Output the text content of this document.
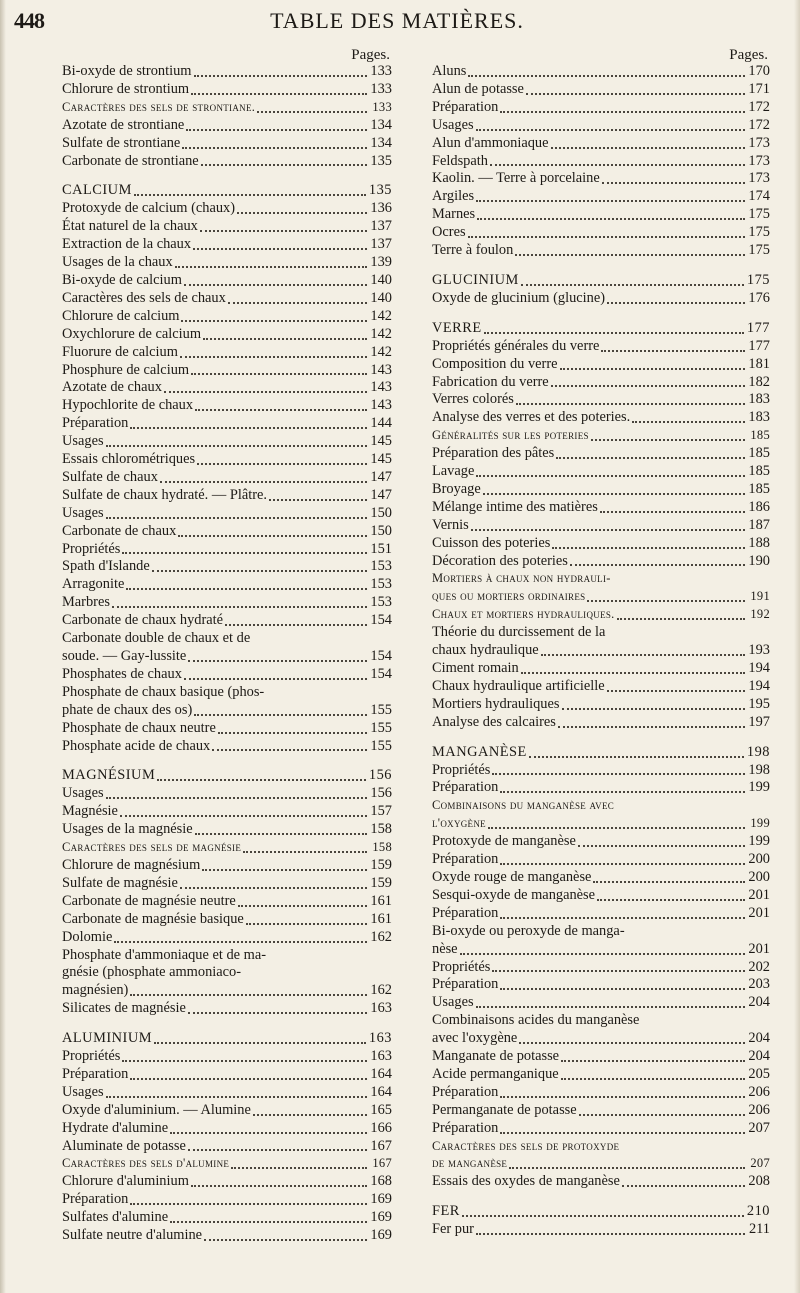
448	TABLE DES MATIÈRES.
Pages.
Bi-oxyde de strontium	133
Chlorure de strontium	133
Caractères des sels de strontiane.	133
Azotate de strontiane	134
Sulfate de strontiane	134
Carbonate de strontiane	135
CALCIUM	135
Protoxyde de calcium (chaux)	136
État naturel de la chaux	137
Extraction de la chaux	137
Usages de la chaux	139
Bi-oxyde de calcium	140
Caractères des sels de chaux	140
Chlorure de calcium	142
Oxychlorure de calcium	142
Fluorure de calcium	142
Phosphure de calcium	143
Azotate de chaux	143
Hypochlorite de chaux	143
Préparation	144
Usages	145
Essais chlorométriques	145
Sulfate de chaux	147
Sulfate de chaux hydraté. — Plâtre.	147
Usages	150
Carbonate de chaux	150
Propriétés	151
Spath d'Islande	153
Arragonite	153
Marbres	153
Carbonate de chaux hydraté	154
Carbonate double de chaux et de
soude. — Gay-lussite	154
Phosphates de chaux	154
Phosphate de chaux basique (phos-
phate de chaux des os)	155
Phosphate de chaux neutre	155
Phosphate acide de chaux	155
MAGNÉSIUM	156
Usages	156
Magnésie	157
Usages de la magnésie	158
Caractères des sels de magnésie	158
Chlorure de magnésium	159
Sulfate de magnésie	159
Carbonate de magnésie neutre	161
Carbonate de magnésie basique	161
Dolomie	162
Phosphate d'ammoniaque et de ma-
gnésie (phosphate ammoniaco-
magnésien)	162
Silicates de magnésie	163
ALUMINIUM	163
Propriétés	163
Préparation	164
Usages	164
Oxyde d'aluminium. — Alumine	165
Hydrate d'alumine	166
Aluminate de potasse	167
Caractères des sels d'alumine	167
Chlorure d'aluminium	168
Préparation	169
Sulfates d'alumine	169
Sulfate neutre d'alumine	169
Pages.
Aluns	170
Alun de potasse	171
Préparation	172
Usages	172
Alun d'ammoniaque	173
Feldspath	173
Kaolin. — Terre à porcelaine	173
Argiles	174
Marnes	175
Ocres	175
Terre à foulon	175
GLUCINIUM	175
Oxyde de glucinium (glucine)	176
VERRE	177
Propriétés générales du verre	177
Composition du verre	181
Fabrication du verre	182
Verres colorés	183
Analyse des verres et des poteries.	183
Généralités sur les poteries	185
Préparation des pâtes	185
Lavage	185
Broyage	185
Mélange intime des matières	186
Vernis	187
Cuisson des poteries	188
Décoration des poteries	190
Mortiers à chaux non hydrauli-
ques ou mortiers ordinaires	191
Chaux et mortiers hydrauliques.	192
Théorie du durcissement de la
chaux hydraulique	193
Ciment romain	194
Chaux hydraulique artificielle	194
Mortiers hydrauliques	195
Analyse des calcaires	197
MANGANÈSE	198
Propriétés	198
Préparation	199
Combinaisons du manganèse avec
l'oxygène	199
Protoxyde de manganèse	199
Préparation	200
Oxyde rouge de manganèse	200
Sesqui-oxyde de manganèse	201
Préparation	201
Bi-oxyde ou peroxyde de manga-
nèse	201
Propriétés	202
Préparation	203
Usages	204
Combinaisons acides du manganèse
avec l'oxygène	204
Manganate de potasse	204
Acide permanganique	205
Préparation	206
Permanganate de potasse	206
Préparation	207
Caractères des sels de protoxyde
de manganèse	207
Essais des oxydes de manganèse	208
FER	210
Fer pur	211
